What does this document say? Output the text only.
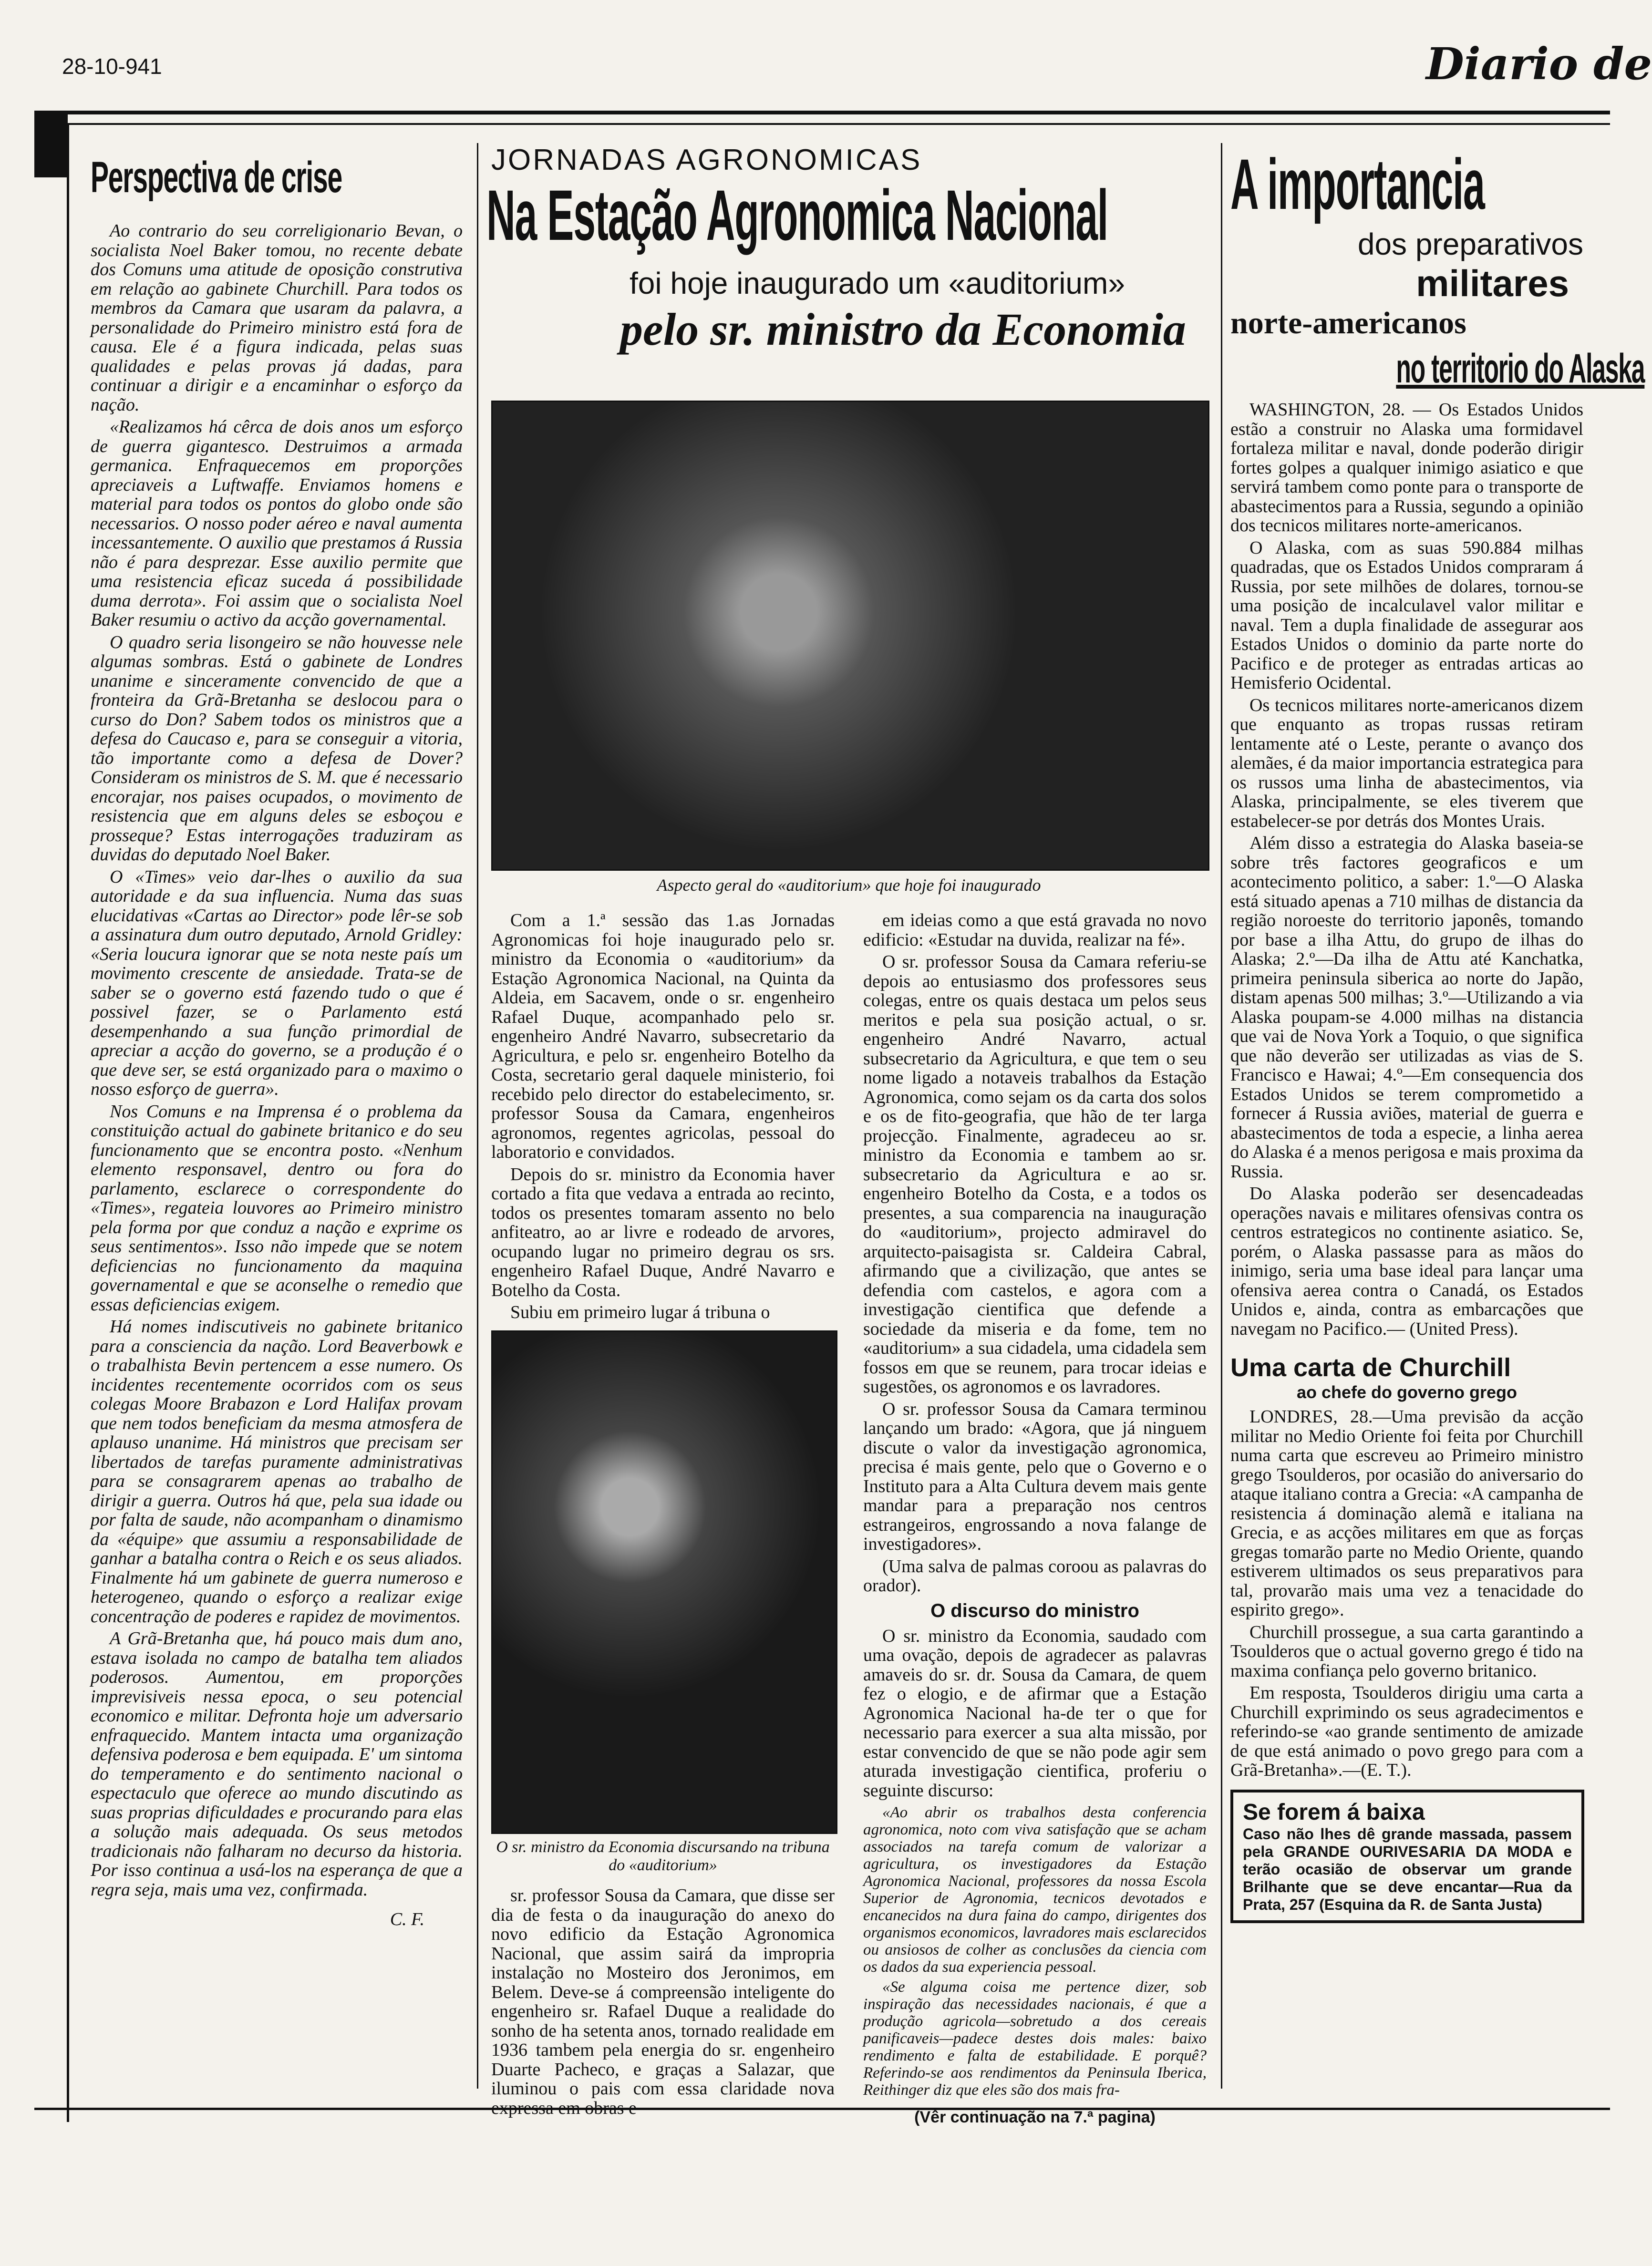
28-10-941	Diario de
Perspectiva de crise

Ao contrario do seu correligionario Bevan, o socialista Noel Baker tomou, no recente debate dos Comuns uma atitude de oposição construtiva em relação ao gabinete Churchill. Para todos os membros da Camara que usaram da palavra, a personalidade do Primeiro ministro está fora de causa. Ele é a figura indicada, pelas suas qualidades e pelas provas já dadas, para continuar a dirigir e a encaminhar o esforço da nação.

«Realizamos há cêrca de dois anos um esforço de guerra gigantesco. Destruimos a armada germanica. Enfraquecemos em proporções apreciaveis a Luftwaffe. Enviamos homens e material para todos os pontos do globo onde são necessarios. O nosso poder aéreo e naval aumenta incessantemente. O auxilio que prestamos á Russia não é para desprezar. Esse auxilio permite que uma resistencia eficaz suceda á possibilidade duma derrota». Foi assim que o socialista Noel Baker resumiu o activo da acção governamental.

O quadro seria lisongeiro se não houvesse nele algumas sombras. Está o gabinete de Londres unanime e sinceramente convencido de que a fronteira da Grã-Bretanha se deslocou para o curso do Don? Sabem todos os ministros que a defesa do Caucaso e, para se conseguir a vitoria, tão importante como a defesa de Dover? Consideram os ministros de S. M. que é necessario encorajar, nos paises ocupados, o movimento de resistencia que em alguns deles se esboçou e prosseque? Estas interrogações traduziram as duvidas do deputado Noel Baker.

O «Times» veio dar-lhes o auxilio da sua autoridade e da sua influencia. Numa das suas elucidativas «Cartas ao Director» pode lêr-se sob a assinatura dum outro deputado, Arnold Gridley: «Seria loucura ignorar que se nota neste país um movimento crescente de ansiedade. Trata-se de saber se o governo está fazendo tudo o que é possivel fazer, se o Parlamento está desempenhando a sua função primordial de apreciar a acção do governo, se a produção é o que deve ser, se está organizado para o maximo o nosso esforço de guerra».

Nos Comuns e na Imprensa é o problema da constituição actual do gabinete britanico e do seu funcionamento que se encontra posto. «Nenhum elemento responsavel, dentro ou fora do parlamento, esclarece o correspondente do «Times», regateia louvores ao Primeiro ministro pela forma por que conduz a nação e exprime os seus sentimentos». Isso não impede que se notem deficiencias no funcionamento da maquina governamental e que se aconselhe o remedio que essas deficiencias exigem.

Há nomes indiscutiveis no gabinete britanico para a consciencia da nação. Lord Beaverbowk e o trabalhista Bevin pertencem a esse numero. Os incidentes recentemente ocorridos com os seus colegas Moore Brabazon e Lord Halifax provam que nem todos beneficiam da mesma atmosfera de aplauso unanime. Há ministros que precisam ser libertados de tarefas puramente administrativas para se consagrarem apenas ao trabalho de dirigir a guerra. Outros há que, pela sua idade ou por falta de saude, não acompanham o dinamismo da «équipe» que assumiu a responsabilidade de ganhar a batalha contra o Reich e os seus aliados. Finalmente há um gabinete de guerra numeroso e heterogeneo, quando o esforço a realizar exige concentração de poderes e rapidez de movimentos.

A Grã-Bretanha que, há pouco mais dum ano, estava isolada no campo de batalha tem aliados poderosos. Aumentou, em proporções imprevisiveis nessa epoca, o seu potencial economico e militar. Defronta hoje um adversario enfraquecido. Mantem intacta uma organização defensiva poderosa e bem equipada. E' um sintoma do temperamento e do sentimento nacional o espectaculo que oferece ao mundo discutindo as suas proprias dificuldades e procurando para elas a solução mais adequada. Os seus metodos tradicionais não falharam no decurso da historia. Por isso continua a usá-los na esperança de que a regra seja, mais uma vez, confirmada.

C. F.
JORNADAS AGRONOMICAS
Na Estação Agronomica Nacional
foi hoje inaugurado um «auditorium»
pelo sr. ministro da Economia
Aspecto geral do «auditorium» que hoje foi inaugurado

Com a 1.ª sessão das 1.as Jornadas Agronomicas foi hoje inaugurado pelo sr. ministro da Economia o «auditorium» da Estação Agronomica Nacional, na Quinta da Aldeia, em Sacavem, onde o sr. engenheiro Rafael Duque, acompanhado pelo sr. engenheiro André Navarro, subsecretario da Agricultura, e pelo sr. engenheiro Botelho da Costa, secretario geral daquele ministerio, foi recebido pelo director do estabelecimento, sr. professor Sousa da Camara, engenheiros agronomos, regentes agricolas, pessoal do laboratorio e convidados.

Depois do sr. ministro da Economia haver cortado a fita que vedava a entrada ao recinto, todos os presentes tomaram assento no belo anfiteatro, ao ar livre e rodeado de arvores, ocupando lugar no primeiro degrau os srs. engenheiro Rafael Duque, André Navarro e Botelho da Costa.

Subiu em primeiro lugar á tribuna o

O sr. ministro da Economia discursando na tribuna do «auditorium»

sr. professor Sousa da Camara, que disse ser dia de festa o da inauguração do anexo do novo edificio da Estação Agronomica Nacional, que assim sairá da impropria instalação no Mosteiro dos Jeronimos, em Belem. Deve-se á compreensão inteligente do engenheiro sr. Rafael Duque a realidade do sonho de ha setenta anos, tornado realidade em 1936 tambem pela energia do sr. engenheiro Duarte Pacheco, e graças a Salazar, que iluminou o pais com essa claridade nova expressa em obras e

em ideias como a que está gravada no novo edificio: «Estudar na duvida, realizar na fé».

O sr. professor Sousa da Camara referiu-se depois ao entusiasmo dos professores seus colegas, entre os quais destaca um pelos seus meritos e pela sua posição actual, o sr. engenheiro André Navarro, actual subsecretario da Agricultura, e que tem o seu nome ligado a notaveis trabalhos da Estação Agronomica, como sejam os da carta dos solos e os de fito-geografia, que hão de ter larga projecção. Finalmente, agradeceu ao sr. ministro da Economia e tambem ao sr. subsecretario da Agricultura e ao sr. engenheiro Botelho da Costa, e a todos os presentes, a sua comparencia na inauguração do «auditorium», projecto admiravel do arquitecto-paisagista sr. Caldeira Cabral, afirmando que a civilização, que antes se defendia com castelos, e agora com a investigação cientifica que defende a sociedade da miseria e da fome, tem no «auditorium» a sua cidadela, uma cidadela sem fossos em que se reunem, para trocar ideias e sugestões, os agronomos e os lavradores.

O sr. professor Sousa da Camara terminou lançando um brado: «Agora, que já ninguem discute o valor da investigação agronomica, precisa é mais gente, pelo que o Governo e o Instituto para a Alta Cultura devem mais gente mandar para a preparação nos centros estrangeiros, engrossando a nova falange de investigadores».

(Uma salva de palmas coroou as palavras do orador).

O discurso do ministro

O sr. ministro da Economia, saudado com uma ovação, depois de agradecer as palavras amaveis do sr. dr. Sousa da Camara, de quem fez o elogio, e de afirmar que a Estação Agronomica Nacional ha-de ter o que for necessario para exercer a sua alta missão, por estar convencido de que se não pode agir sem aturada investigação cientifica, proferiu o seguinte discurso:

«Ao abrir os trabalhos desta conferencia agronomica, noto com viva satisfação que se acham associados na tarefa comum de valorizar a agricultura, os investigadores da Estação Agronomica Nacional, professores da nossa Escola Superior de Agronomia, tecnicos devotados e encanecidos na dura faina do campo, dirigentes dos organismos economicos, lavradores mais esclarecidos ou ansiosos de colher as conclusões da ciencia com os dados da sua experiencia pessoal.

«Se alguma coisa me pertence dizer, sob inspiração das necessidades nacionais, é que a produção agricola—sobretudo a dos cereais panificaveis—padece destes dois males: baixo rendimento e falta de estabilidade. E porquê? Referindo-se aos rendimentos da Peninsula Iberica, Reithinger diz que eles são dos mais fra-

(Vêr continuação na 7.ª pagina)
A importancia
dos preparativos
militares
norte-americanos
no territorio do Alaska

WASHINGTON, 28. — Os Estados Unidos estão a construir no Alaska uma formidavel fortaleza militar e naval, donde poderão dirigir fortes golpes a qualquer inimigo asiatico e que servirá tambem como ponte para o transporte de abastecimentos para a Russia, segundo a opinião dos tecnicos militares norte-americanos.

O Alaska, com as suas 590.884 milhas quadradas, que os Estados Unidos compraram á Russia, por sete milhões de dolares, tornou-se uma posição de incalculavel valor militar e naval. Tem a dupla finalidade de assegurar aos Estados Unidos o dominio da parte norte do Pacifico e de proteger as entradas articas ao Hemisferio Ocidental.

Os tecnicos militares norte-americanos dizem que enquanto as tropas russas retiram lentamente até o Leste, perante o avanço dos alemães, é da maior importancia estrategica para os russos uma linha de abastecimentos, via Alaska, principalmente, se eles tiverem que estabelecer-se por detrás dos Montes Urais.

Além disso a estrategia do Alaska baseia-se sobre três factores geograficos e um acontecimento politico, a saber: 1.º—O Alaska está situado apenas a 710 milhas de distancia da região noroeste do territorio japonês, tomando por base a ilha Attu, do grupo de ilhas do Alaska; 2.º—Da ilha de Attu até Kanchatka, primeira peninsula siberica ao norte do Japão, distam apenas 500 milhas; 3.º—Utilizando a via Alaska poupam-se 4.000 milhas na distancia que vai de Nova York a Toquio, o que significa que não deverão ser utilizadas as vias de S. Francisco e Hawai; 4.º—Em consequencia dos Estados Unidos se terem comprometido a fornecer á Russia aviões, material de guerra e abastecimentos de toda a especie, a linha aerea do Alaska é a menos perigosa e mais proxima da Russia.

Do Alaska poderão ser desencadeadas operações navais e militares ofensivas contra os centros estrategicos no continente asiatico. Se, porém, o Alaska passasse para as mãos do inimigo, seria uma base ideal para lançar uma ofensiva aerea contra o Canadá, os Estados Unidos e, ainda, contra as embarcações que navegam no Pacifico.— (United Press).

Uma carta de Churchill
ao chefe do governo grego

LONDRES, 28.—Uma previsão da acção militar no Medio Oriente foi feita por Churchill numa carta que escreveu ao Primeiro ministro grego Tsoulderos, por ocasião do aniversario do ataque italiano contra a Grecia: «A campanha de resistencia á dominação alemã e italiana na Grecia, e as acções militares em que as forças gregas tomarão parte no Medio Oriente, quando estiverem ultimados os seus preparativos para tal, provarão mais uma vez a tenacidade do espirito grego».

Churchill prossegue, a sua carta garantindo a Tsoulderos que o actual governo grego é tido na maxima confiança pelo governo britanico.

Em resposta, Tsoulderos dirigiu uma carta a Churchill exprimindo os seus agradecimentos e referindo-se «ao grande sentimento de amizade de que está animado o povo grego para com a Grã-Bretanha».—(E. T.).

Se forem á baixa
Caso não lhes dê grande massada, passem pela GRANDE OURIVESARIA DA MODA e terão ocasião de observar um grande Brilhante que se deve encantar—Rua da Prata, 257 (Esquina da R. de Santa Justa)
